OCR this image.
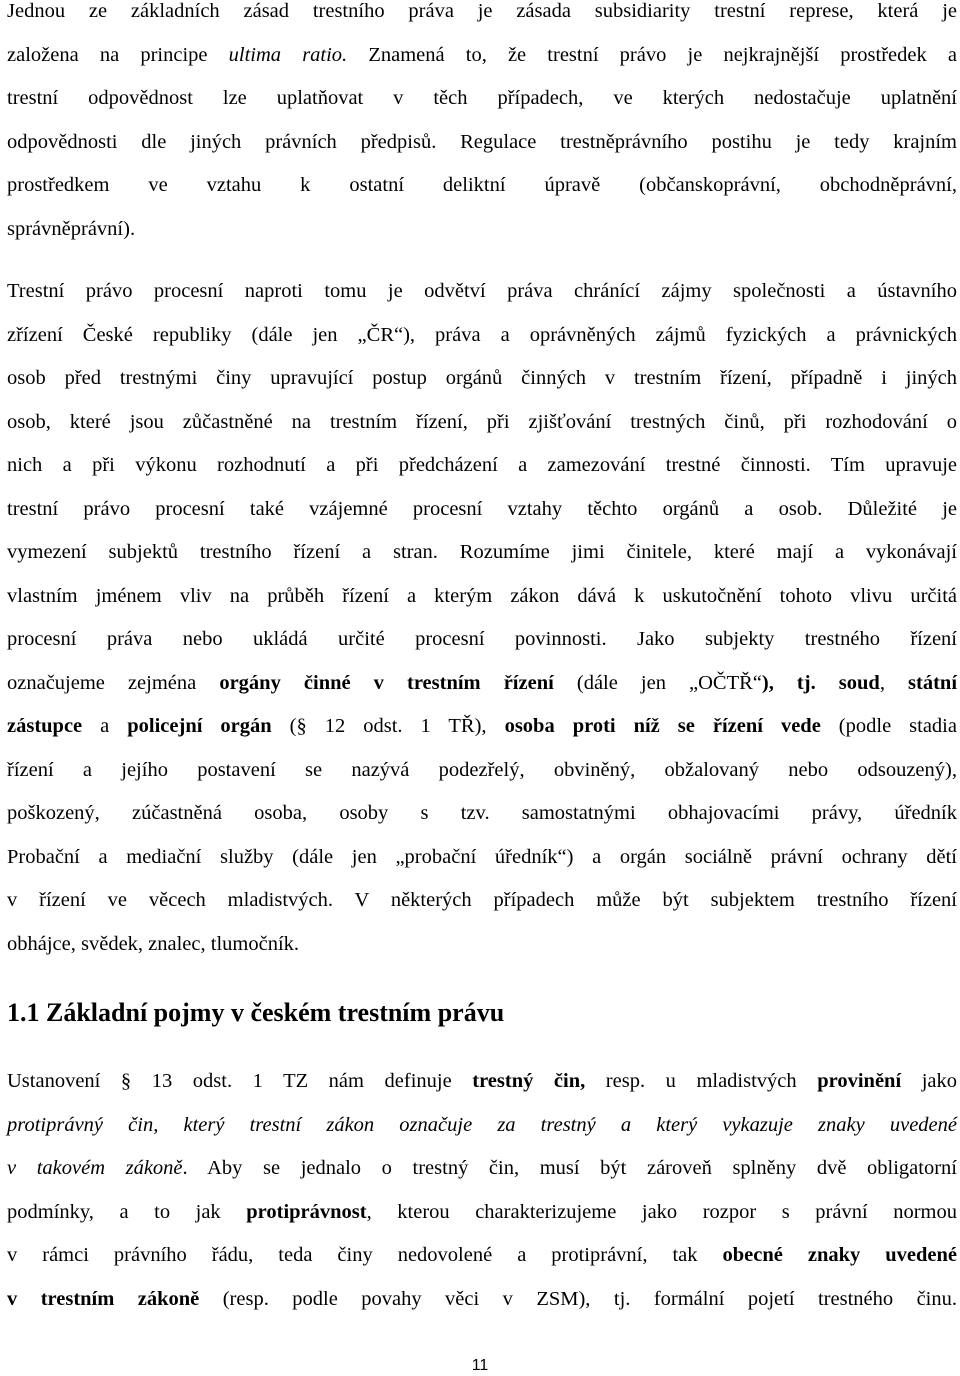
Jednou ze základních zásad trestního práva je zásada subsidiarity trestní represe, která je
založena na principe ultima ratio. Znamená to, že trestní právo je nejkrajnější prostředek a
trestní odpovědnost lze uplatňovat v těch případech, ve kterých nedostačuje uplatnění
odpovědnosti dle jiných právních předpisů. Regulace trestněprávního postihu je tedy krajním
prostředkem ve vztahu k ostatní deliktní úpravě (občanskoprávní, obchodněprávní,
správněprávní).
Trestní právo procesní naproti tomu je odvětví práva chránící zájmy společnosti a ústavního
zřízení České republiky (dále jen „ČR“), práva a oprávněných zájmů fyzických a právnických
osob před trestnými činy upravující postup orgánů činných v trestním řízení, případně i jiných
osob, které jsou zůčastněné na trestním řízení, při zjišťování trestných činů, při rozhodování o
nich a při výkonu rozhodnutí a při předcházení a zamezování trestné činnosti. Tím upravuje
trestní právo procesní také vzájemné procesní vztahy těchto orgánů a osob. Důležité je
vymezení subjektů trestního řízení a stran. Rozumíme jimi činitele, které mají a vykonávají
vlastním jménem vliv na průběh řízení a kterým zákon dává k uskutočnění tohoto vlivu určitá
procesní práva nebo ukládá určité procesní povinnosti. Jako subjekty trestného řízení
označujeme zejména orgány činné v trestním řízení (dále jen „OČTŘ“), tj. soud, státní
zástupce a policejní orgán (§ 12 odst. 1 TŘ), osoba proti níž se řízení vede (podle stadia
řízení a jejího postavení se nazývá podezřelý, obviněný, obžalovaný nebo odsouzený),
poškozený, zúčastněná osoba, osoby s tzv. samostatnými obhajovacími právy, úředník
Probační a mediační služby (dále jen „probační úředník“) a orgán sociálně právní ochrany dětí
v řízení ve věcech mladistvých. V některých případech může být subjektem trestního řízení
obhájce, svědek, znalec, tlumočník.
1.1 Základní pojmy v českém trestním právu
Ustanovení § 13 odst. 1 TZ nám definuje trestný čin, resp. u mladistvých provinění jako
protiprávný čin, který trestní zákon označuje za trestný a který vykazuje znaky uvedené
v takovém zákoně. Aby se jednalo o trestný čin, musí být zároveň splněny dvě obligatorní
podmínky, a to jak protiprávnost, kterou charakterizujeme jako rozpor s právní normou
v rámci právního řádu, teda činy nedovolené a protiprávní, tak obecné znaky uvedené
v trestním zákoně (resp. podle povahy věci v ZSM), tj. formální pojetí trestného činu.
11
